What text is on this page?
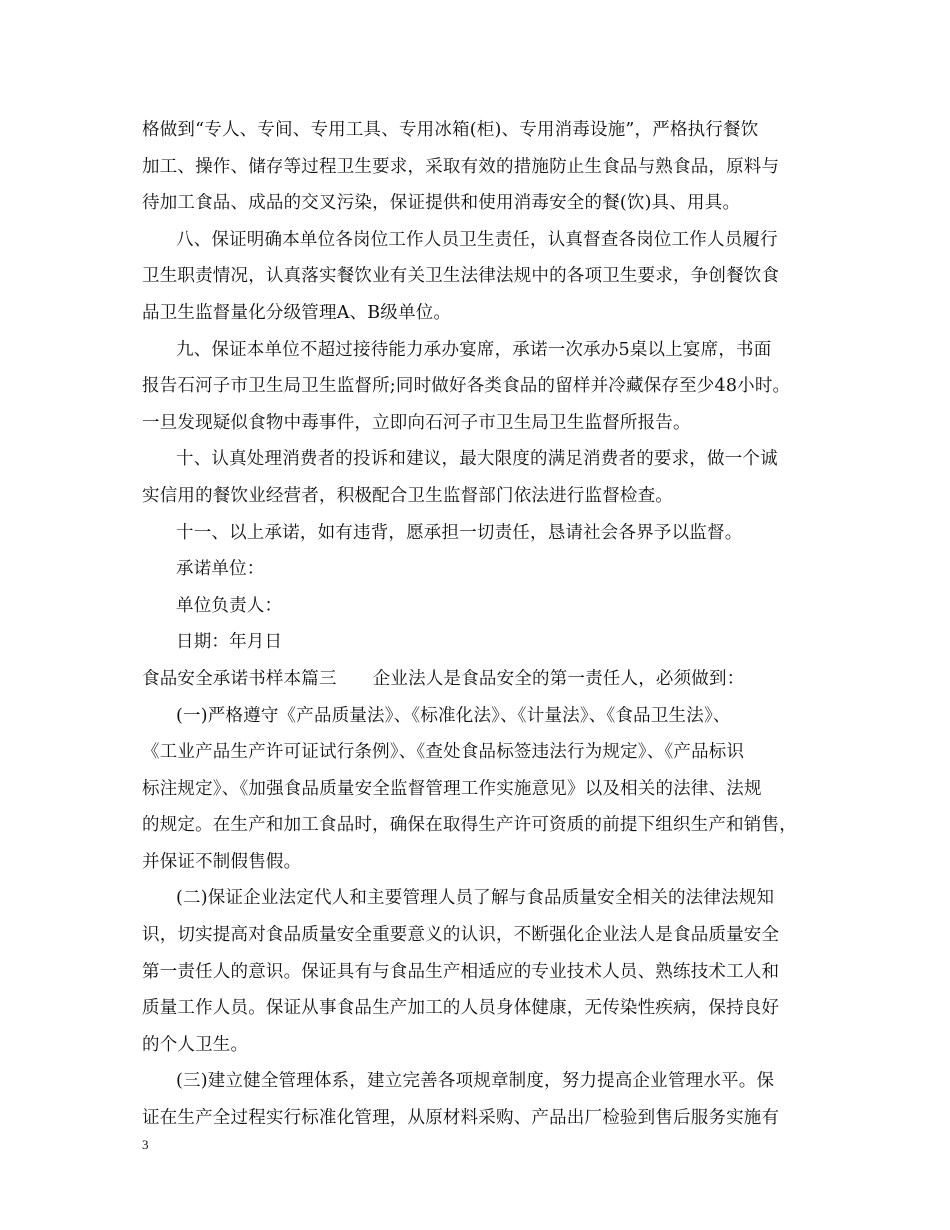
格做到“专人、专间、专用工具、专用冰箱(柜)、专用消毒设施”，严格执行餐饮
加工、操作、储存等过程卫生要求，采取有效的措施防止生食品与熟食品，原料与
待加工食品、成品的交叉污染，保证提供和使用消毒安全的餐(饮)具、用具。
八、保证明确本单位各岗位工作人员卫生责任，认真督查各岗位工作人员履行
卫生职责情况，认真落实餐饮业有关卫生法律法规中的各项卫生要求，争创餐饮食
品卫生监督量化分级管理A、B级单位。
九、保证本单位不超过接待能力承办宴席，承诺一次承办5桌以上宴席，书面
报告石河子市卫生局卫生监督所;同时做好各类食品的留样并冷藏保存至少48小时。
一旦发现疑似食物中毒事件，立即向石河子市卫生局卫生监督所报告。
十、认真处理消费者的投诉和建议，最大限度的满足消费者的要求，做一个诚
实信用的餐饮业经营者，积极配合卫生监督部门依法进行监督检查。
十一、以上承诺，如有违背，愿承担一切责任，恳请社会各界予以监督。
承诺单位：
单位负责人：
日期：年月日
食品安全承诺书样本篇三 企业法人是食品安全的第一责任人，必须做到：
(一)严格遵守《产品质量法》、《标准化法》、《计量法》、《食品卫生法》、
《工业产品生产许可证试行条例》、《查处食品标签违法行为规定》、《产品标识
标注规定》、《加强食品质量安全监督管理工作实施意见》以及相关的法律、法规
的规定。在生产和加工食品时，确保在取得生产许可资质的前提下组织生产和销售，
并保证不制假售假。
(二)保证企业法定代人和主要管理人员了解与食品质量安全相关的法律法规知
识，切实提高对食品质量安全重要意义的认识，不断强化企业法人是食品质量安全
第一责任人的意识。保证具有与食品生产相适应的专业技术人员、熟练技术工人和
质量工作人员。保证从事食品生产加工的人员身体健康，无传染性疾病，保持良好
的个人卫生。
(三)建立健全管理体系，建立完善各项规章制度，努力提高企业管理水平。保
证在生产全过程实行标准化管理，从原材料采购、产品出厂检验到售后服务实施有
3
